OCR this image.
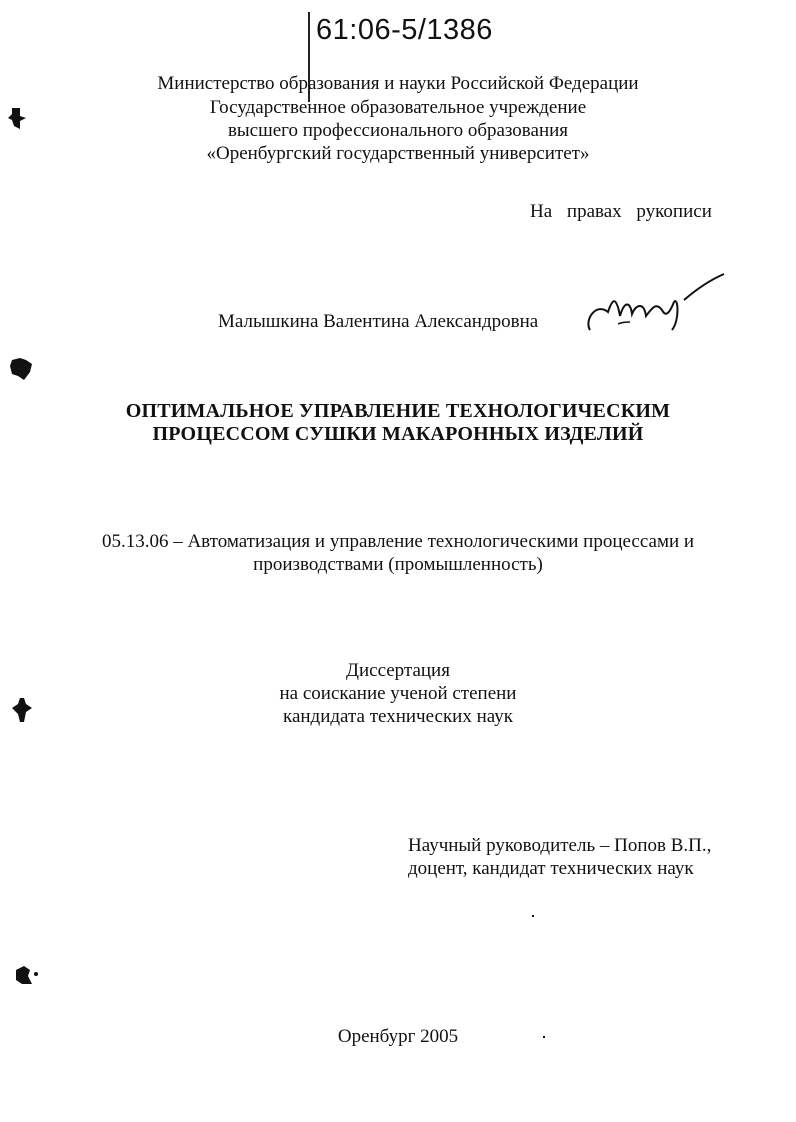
61:06-5/1386
Министерство образования и науки Российской Федерации
Государственное образовательное учреждение
высшего профессионального образования
«Оренбургский государственный университет»
На правах рукописи
Малышкина Валентина Александровна
ОПТИМАЛЬНОЕ УПРАВЛЕНИЕ ТЕХНОЛОГИЧЕСКИМ
ПРОЦЕССОМ СУШКИ МАКАРОННЫХ ИЗДЕЛИЙ
05.13.06 – Автоматизация и управление технологическими процессами и
производствами (промышленность)
Диссертация
на соискание ученой степени
кандидата технических наук
Научный руководитель – Попов В.П.,
доцент, кандидат технических наук
Оренбург 2005
